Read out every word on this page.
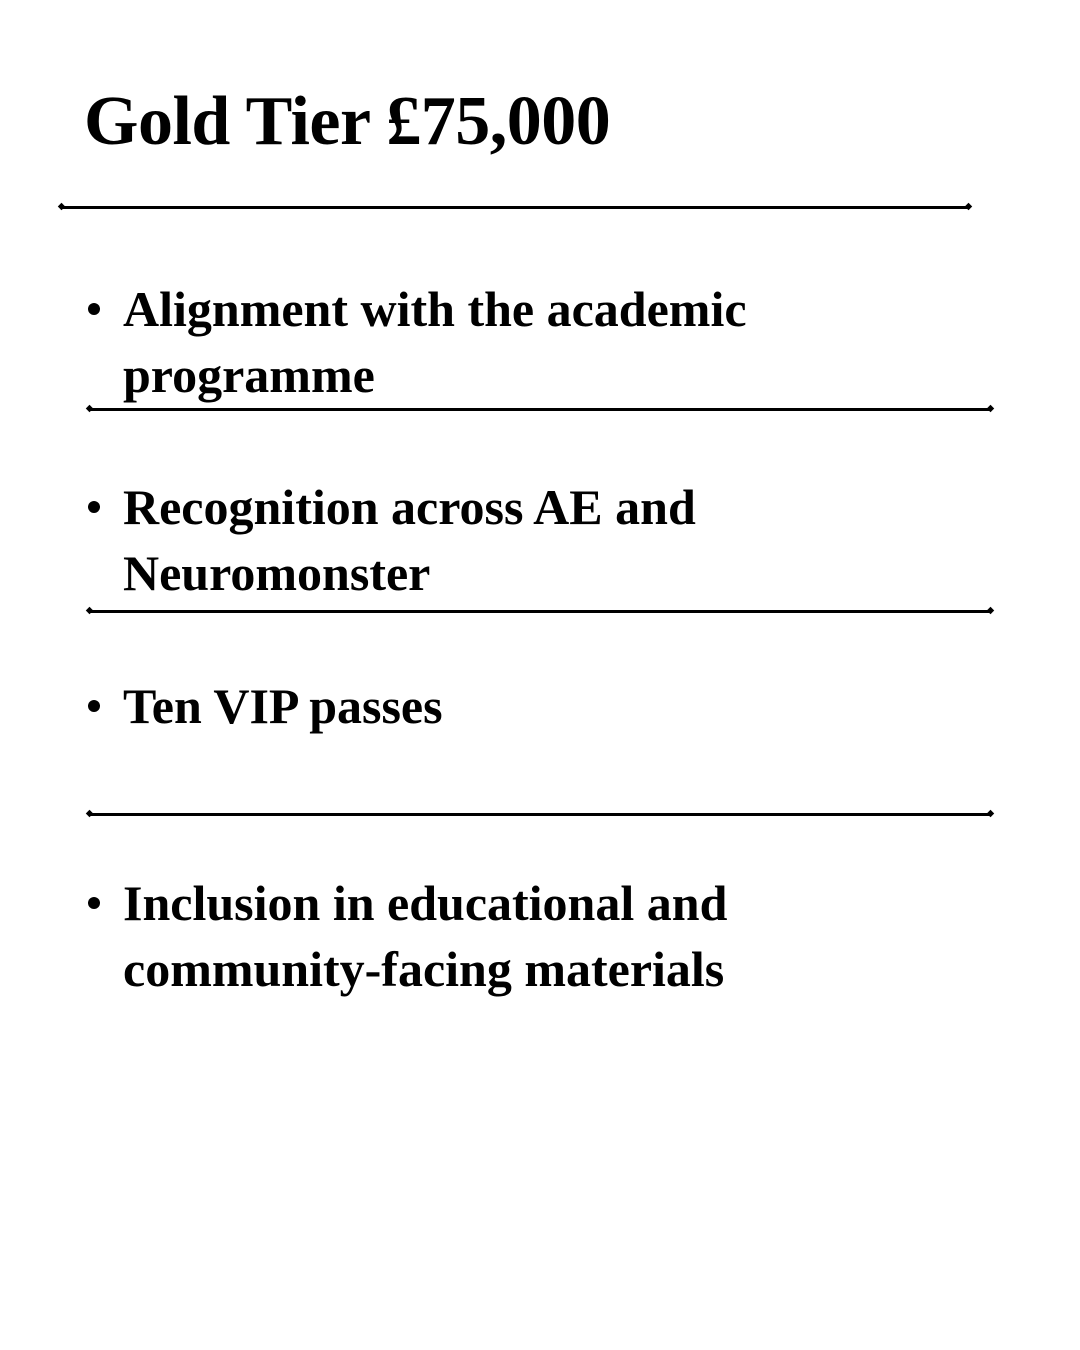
Gold Tier £75,000
Alignment with the academic programme
Recognition across AE and Neuromonster
Ten VIP passes
Inclusion in educational and community-facing materials
